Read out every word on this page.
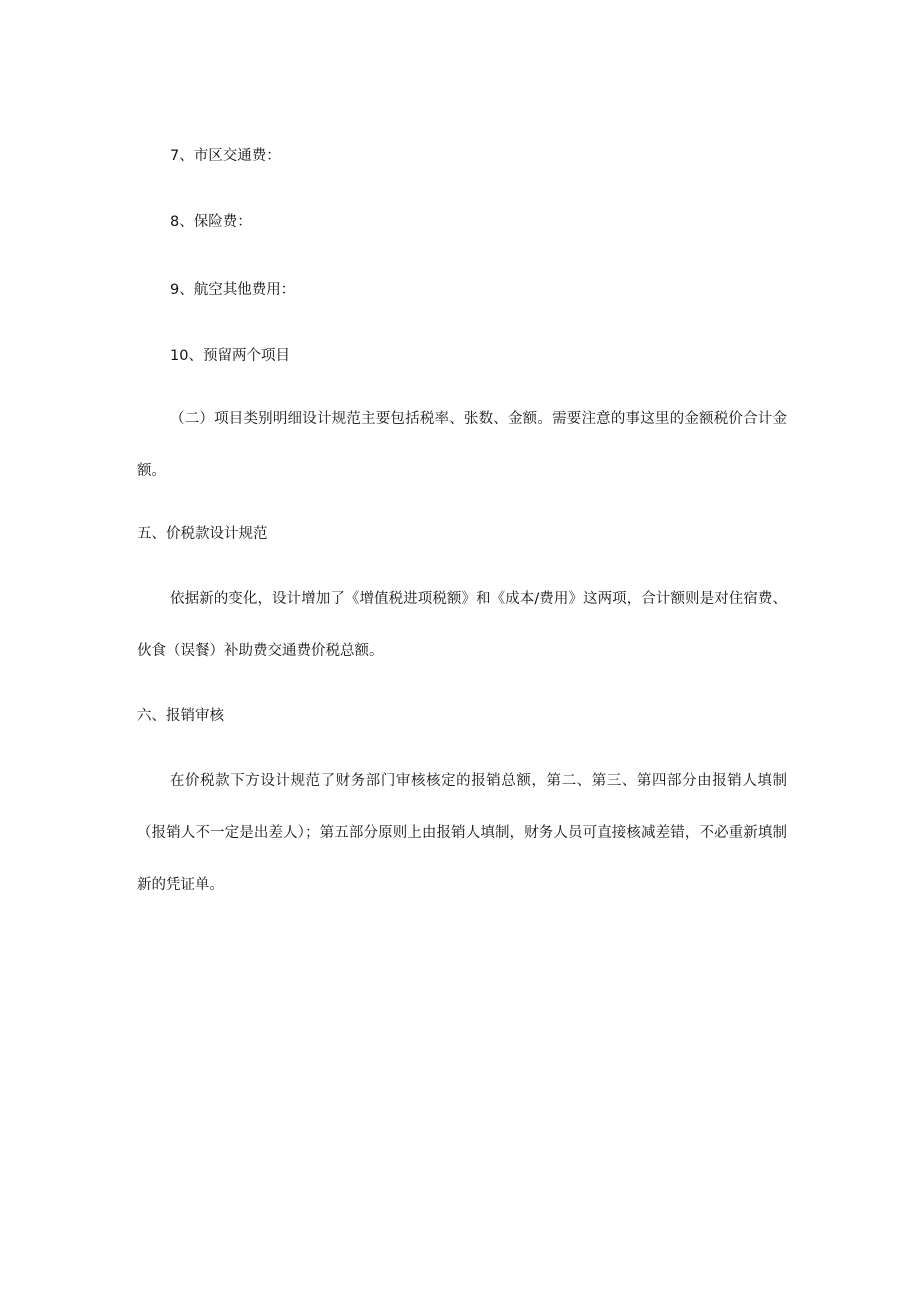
7、市区交通费：
8、保险费：
9、航空其他费用：
10、预留两个项目
（二）项目类别明细设计规范主要包括税率、张数、金额。需要注意的事这里的金额税价合计金额。
五、价税款设计规范
依据新的变化，设计增加了《增值税进项税额》和《成本/费用》这两项，合计额则是对住宿费、伙食（误餐）补助费交通费价税总额。
六、报销审核
在价税款下方设计规范了财务部门审核核定的报销总额，第二、第三、第四部分由报销人填制（报销人不一定是出差人）；第五部分原则上由报销人填制，财务人员可直接核减差错，不必重新填制新的凭证单。
